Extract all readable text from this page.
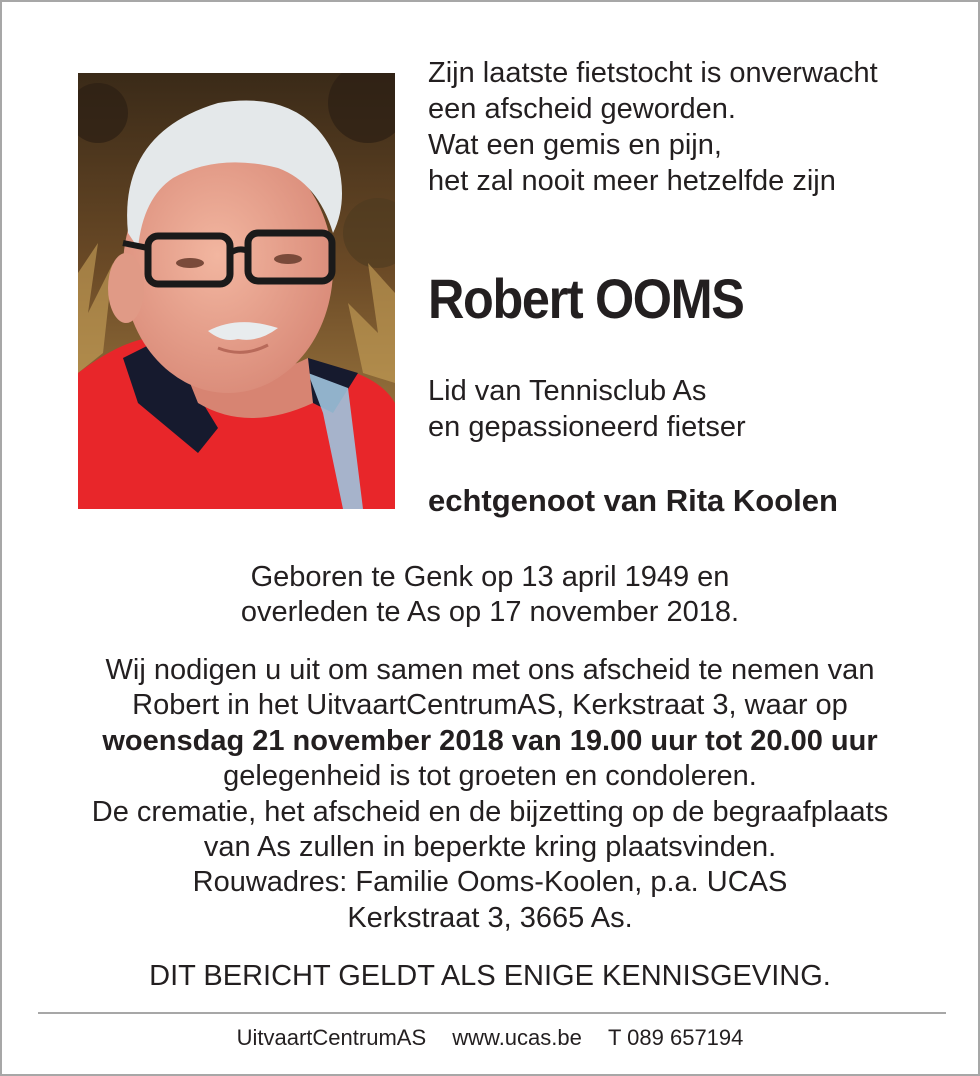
Zijn laatste fietstocht is onverwacht
een afscheid geworden.
Wat een gemis en pijn,
het zal nooit meer hetzelfde zijn
Robert OOMS
Lid van Tennisclub As
en gepassioneerd fietser
echtgenoot van Rita Koolen
Geboren te Genk op 13 april 1949 en
overleden te As op 17 november 2018.
Wij nodigen u uit om samen met ons afscheid te nemen van
Robert in het UitvaartCentrumAS, Kerkstraat 3, waar op
woensdag 21 november 2018 van 19.00 uur tot 20.00 uur
gelegenheid is tot groeten en condoleren.
De crematie, het afscheid en de bijzetting op de begraafplaats
van As zullen in beperkte kring plaatsvinden.
Rouwadres: Familie Ooms-Koolen, p.a. UCAS
Kerkstraat 3, 3665 As.
DIT BERICHT GELDT ALS ENIGE KENNISGEVING.
UitvaartCentrumAS www.ucas.be T 089 657194
